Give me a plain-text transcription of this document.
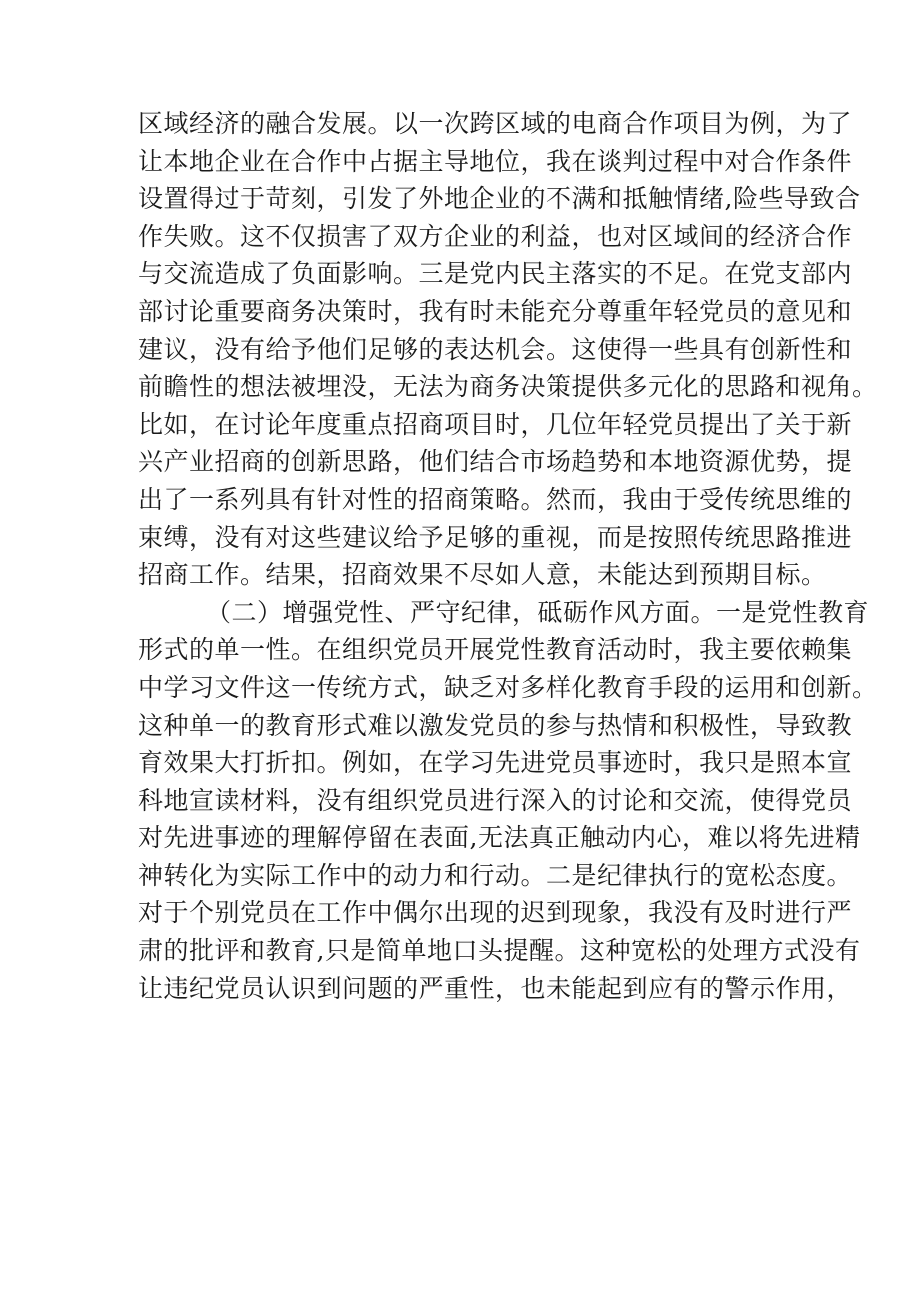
区域经济的融合发展。以一次跨区域的电商合作项目为例，为了
让本地企业在合作中占据主导地位，我在谈判过程中对合作条件
设置得过于苛刻，引发了外地企业的不满和抵触情绪,险些导致合
作失败。这不仅损害了双方企业的利益，也对区域间的经济合作
与交流造成了负面影响。三是党内民主落实的不足。在党支部内
部讨论重要商务决策时，我有时未能充分尊重年轻党员的意见和
建议，没有给予他们足够的表达机会。这使得一些具有创新性和
前瞻性的想法被埋没，无法为商务决策提供多元化的思路和视角。
比如，在讨论年度重点招商项目时，几位年轻党员提出了关于新
兴产业招商的创新思路，他们结合市场趋势和本地资源优势，提
出了一系列具有针对性的招商策略。然而，我由于受传统思维的
束缚，没有对这些建议给予足够的重视，而是按照传统思路推进
招商工作。结果，招商效果不尽如人意，未能达到预期目标。
（二）增强党性、严守纪律，砥砺作风方面。一是党性教育
形式的单一性。在组织党员开展党性教育活动时，我主要依赖集
中学习文件这一传统方式，缺乏对多样化教育手段的运用和创新。
这种单一的教育形式难以激发党员的参与热情和积极性，导致教
育效果大打折扣。例如，在学习先进党员事迹时，我只是照本宣
科地宣读材料，没有组织党员进行深入的讨论和交流，使得党员
对先进事迹的理解停留在表面,无法真正触动内心，难以将先进精
神转化为实际工作中的动力和行动。二是纪律执行的宽松态度。
对于个别党员在工作中偶尔出现的迟到现象，我没有及时进行严
肃的批评和教育,只是简单地口头提醒。这种宽松的处理方式没有
让违纪党员认识到问题的严重性，也未能起到应有的警示作用，
